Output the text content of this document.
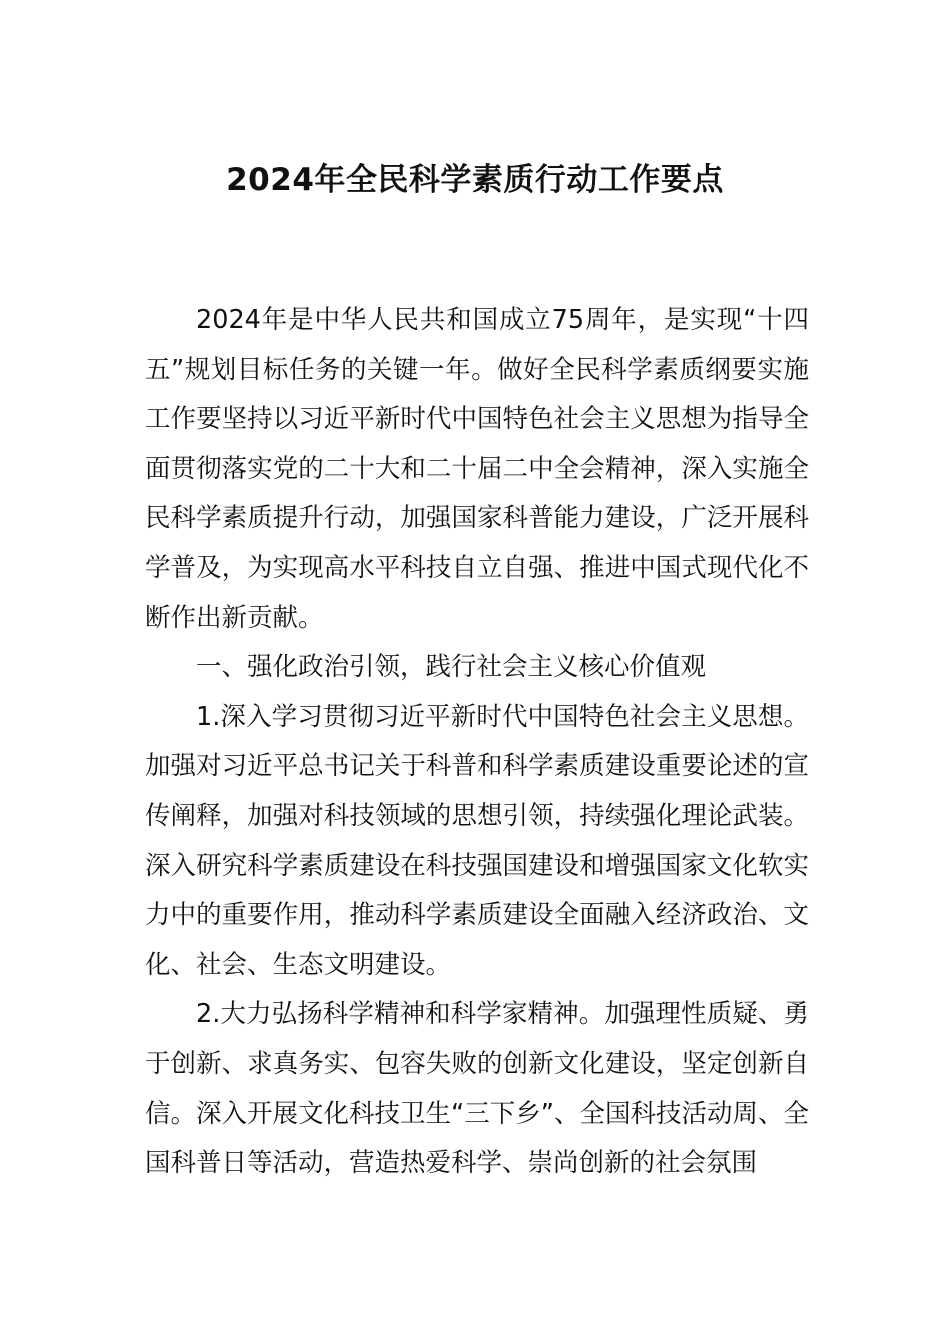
2024年全民科学素质行动工作要点

2024年是中华人民共和国成立75周年，是实现“十四五”规划目标任务的关键一年。做好全民科学素质纲要实施工作要坚持以习近平新时代中国特色社会主义思想为指导全面贯彻落实党的二十大和二十届二中全会精神，深入实施全民科学素质提升行动，加强国家科普能力建设，广泛开展科学普及，为实现高水平科技自立自强、推进中国式现代化不断作出新贡献。

一、强化政治引领，践行社会主义核心价值观

1.深入学习贯彻习近平新时代中国特色社会主义思想。加强对习近平总书记关于科普和科学素质建设重要论述的宣传阐释，加强对科技领域的思想引领，持续强化理论武装。深入研究科学素质建设在科技强国建设和增强国家文化软实力中的重要作用，推动科学素质建设全面融入经济政治、文化、社会、生态文明建设。

2.大力弘扬科学精神和科学家精神。加强理性质疑、勇于创新、求真务实、包容失败的创新文化建设，坚定创新自信。深入开展文化科技卫生“三下乡”、全国科技活动周、全国科普日等活动，营造热爱科学、崇尚创新的社会氛围
